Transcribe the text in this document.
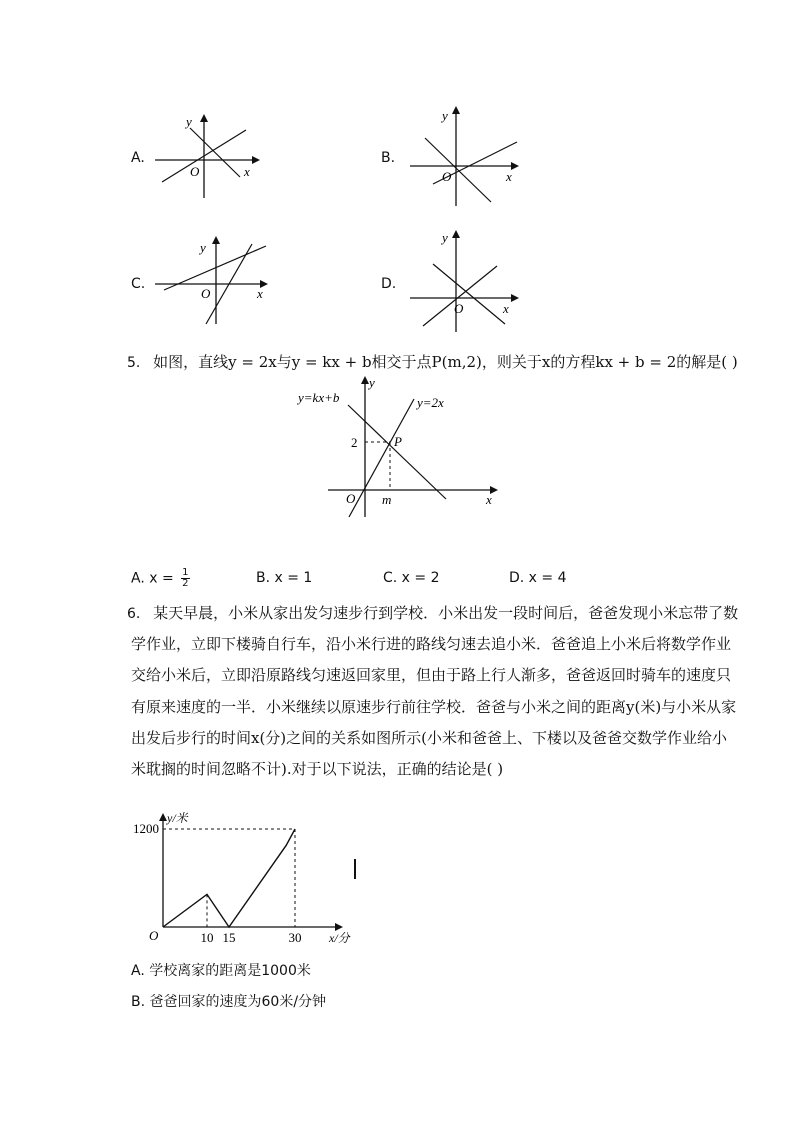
A.
y
O	x
B.
y
O	x
C.
y
O	x
D.
y
O	x
5. 如图，直线y = 2x与y = kx + b相交于点P(m,2)，则关于x的方程kx + b = 2的解是( )
y=kx+b	y=2x
y
x
O
2	P
m
A. $x = \frac{1}{2}$	B. x = 1	C. x = 2	D. x = 4
6. 某天早晨，小米从家出发匀速步行到学校．小米出发一段时间后，爸爸发现小米忘带了数
学作业，立即下楼骑自行车，沿小米行进的路线匀速去追小米．爸爸追上小米后将数学作业
交给小米后，立即沿原路线匀速返回家里，但由于路上行人渐多，爸爸返回时骑车的速度只
有原来速度的一半．小米继续以原速步行前往学校．爸爸与小米之间的距离y(米)与小米从家
出发后步行的时间x(分)之间的关系如图所示(小米和爸爸上、下楼以及爸爸交数学作业给小
米耽搁的时间忽略不计).对于以下说法，正确的结论是( )
y/米
x/分
O
1200
10 15	30
A. 学校离家的距离是1000米
B. 爸爸回家的速度为60米/分钟
